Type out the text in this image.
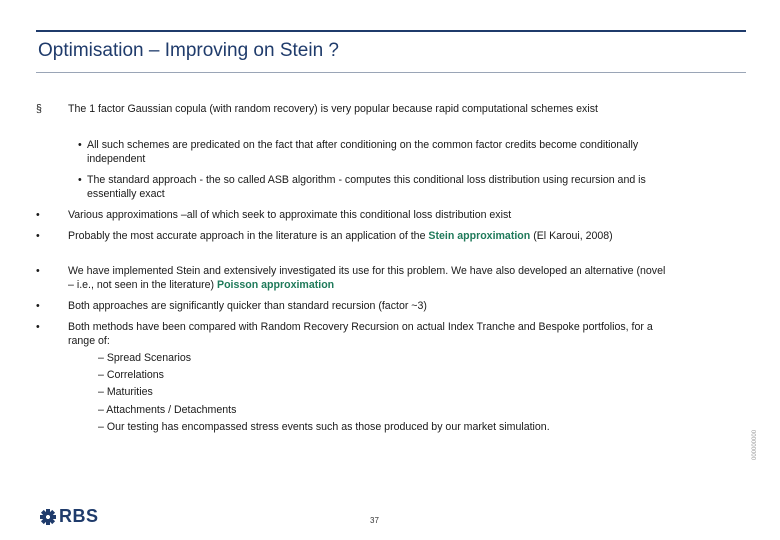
Optimisation – Improving on Stein ?
§	The 1 factor Gaussian copula (with random recovery) is very popular because rapid computational schemes exist
• All such schemes are predicated on the fact that after conditioning on the common factor credits become conditionally independent
• The standard approach - the so called ASB algorithm - computes this conditional loss distribution using recursion and is essentially exact
•	Various approximations –all of which seek to approximate this conditional loss distribution exist
•	Probably the most accurate approach in the literature is an application of the Stein approximation (El Karoui, 2008)
•	We have implemented Stein and extensively investigated its use for this problem. We have also developed an alternative (novel – i.e., not seen in the literature) Poisson approximation
•	Both approaches are significantly quicker than standard recursion (factor ~3)
•	Both methods have been compared with Random Recovery Recursion on actual Index Tranche and Bespoke portfolios, for a range of:
– Spread Scenarios
– Correlations
– Maturities
– Attachments / Detachments
– Our testing has encompassed stress events such as those produced by our market simulation.
000000000
RBS	37
